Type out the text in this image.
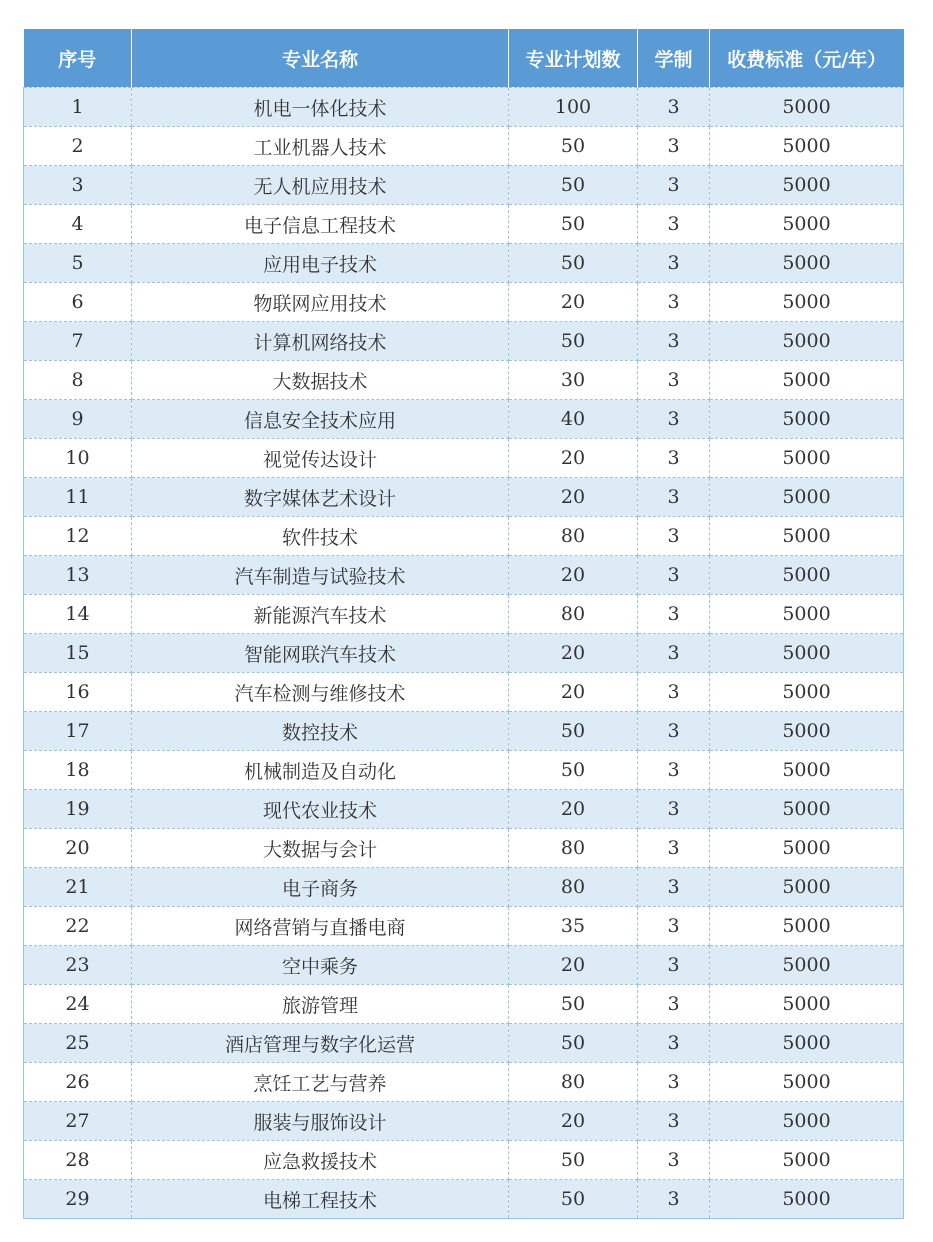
序号	专业名称	专业计划数	学制	收费标准（元/年）
1	机电一体化技术	100	3	5000
2	工业机器人技术	50	3	5000
3	无人机应用技术	50	3	5000
4	电子信息工程技术	50	3	5000
5	应用电子技术	50	3	5000
6	物联网应用技术	20	3	5000
7	计算机网络技术	50	3	5000
8	大数据技术	30	3	5000
9	信息安全技术应用	40	3	5000
10	视觉传达设计	20	3	5000
11	数字媒体艺术设计	20	3	5000
12	软件技术	80	3	5000
13	汽车制造与试验技术	20	3	5000
14	新能源汽车技术	80	3	5000
15	智能网联汽车技术	20	3	5000
16	汽车检测与维修技术	20	3	5000
17	数控技术	50	3	5000
18	机械制造及自动化	50	3	5000
19	现代农业技术	20	3	5000
20	大数据与会计	80	3	5000
21	电子商务	80	3	5000
22	网络营销与直播电商	35	3	5000
23	空中乘务	20	3	5000
24	旅游管理	50	3	5000
25	酒店管理与数字化运营	50	3	5000
26	烹饪工艺与营养	80	3	5000
27	服装与服饰设计	20	3	5000
28	应急救援技术	50	3	5000
29	电梯工程技术	50	3	5000
